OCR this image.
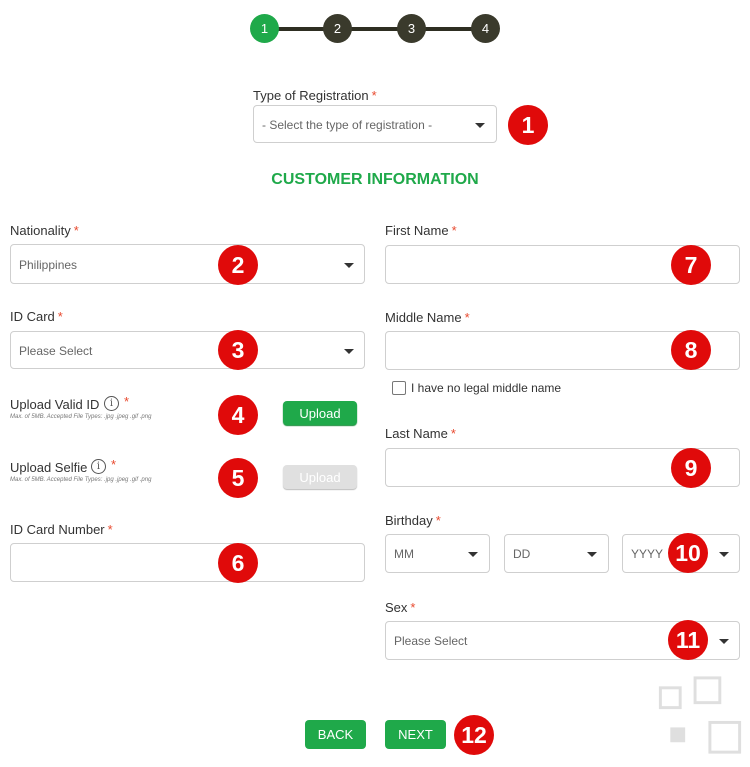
1	2	3	4
Type of Registration *
- Select the type of registration -
CUSTOMER INFORMATION
Nationality *
Philippines
ID Card *
Please Select
Upload Valid ID	i *
Max. of 5MB. Accepted File Types: .jpg .jpeg .gif .png	Upload
Upload Selfie i *
Max. of 5MB. Accepted File Types: .jpg .jpeg .gif .png	Upload
ID Card Number *
First Name *
Middle Name *
I have no legal middle name
Last Name *
Birthday *
MM	DD	YYYY
Sex *
Please Select
BACK	NEXT
1
2
3
4
5
6
7
8
9
10
11
12
